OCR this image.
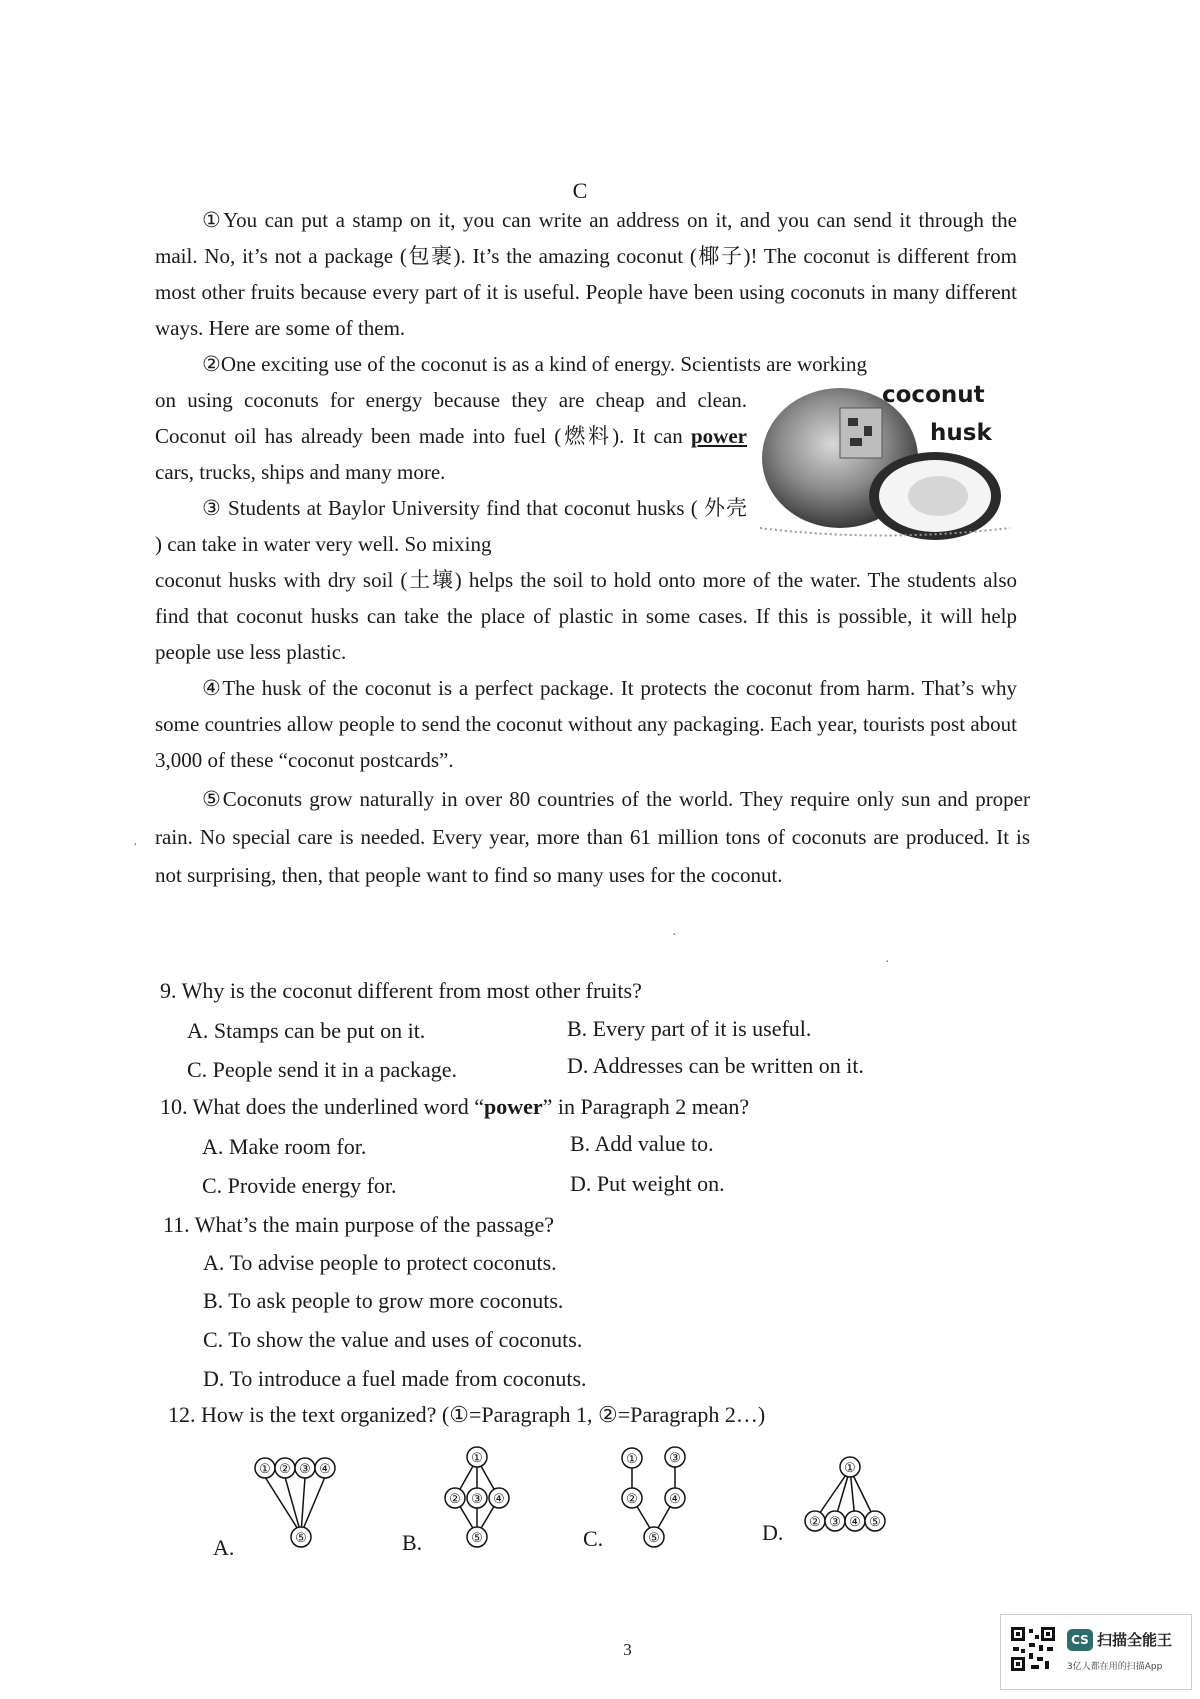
C
①You can put a stamp on it, you can write an address on it, and you can send it through the mail. No, it’s not a package (包裹). It’s the amazing coconut (椰子)! The coconut is different from most other fruits because every part of it is useful. People have been using coconuts in many different ways. Here are some of them.
②One exciting use of the coconut is as a kind of energy. Scientists are working
on using coconuts for energy because they are cheap and clean. Coconut oil has already been made into fuel (燃料). It can power cars, trucks, ships and many more.
③ Students at Baylor University find that coconut husks ( 外壳 ) can take in water very well. So mixing
coconut husks with dry soil (土壤) helps the soil to hold onto more of the water. The students also find that coconut husks can take the place of plastic in some cases. If this is possible, it will help people use less plastic.
④The husk of the coconut is a perfect package. It protects the coconut from harm. That’s why some countries allow people to send the coconut without any packaging. Each year, tourists post about 3,000 of these “coconut postcards”.
⑤Coconuts grow naturally in over 80 countries of the world. They require only sun and proper rain. No special care is needed. Every year, more than 61 million tons of coconuts are produced. It is not surprising, then, that people want to find so many uses for the coconut.
coconut
husk
9. Why is the coconut different from most other fruits?
A. Stamps can be put on it.	B. Every part of it is useful.
C. People send it in a package.	D. Addresses can be written on it.
10. What does the underlined word “power” in Paragraph 2 mean?
A. Make room for.	B. Add value to.
C. Provide energy for.	D. Put weight on.
11. What’s the main purpose of the passage?
A. To advise people to protect coconuts.
B. To ask people to grow more coconuts.
C. To show the value and uses of coconuts.
D. To introduce a fuel made from coconuts.
12. How is the text organized? (①=Paragraph 1, ②=Paragraph 2…)
A.
① ② ③ ④
⑤	B.
①
② ③ ④
⑤	C.
① ③
② ④
⑤	D.
①
② ③ ④ ⑤
·
·
·
3	CS 扫描全能王
3亿人都在用的扫描App
